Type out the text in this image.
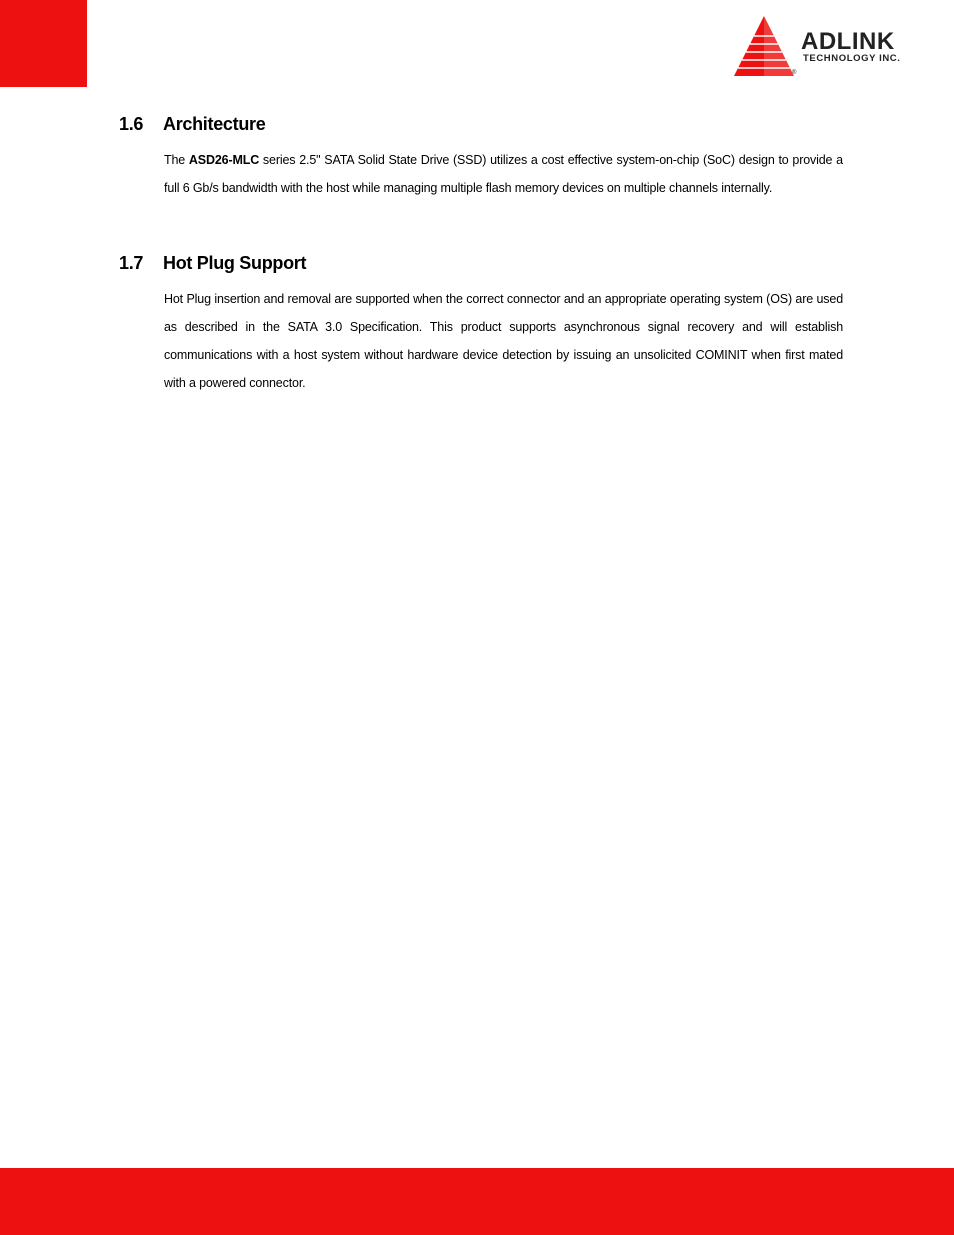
ADLINK
TECHNOLOGY INC.
®
1.6 Architecture

The ASD26-MLC series 2.5" SATA Solid State Drive (SSD) utilizes a cost effective system-on-chip (SoC) design to provide a full 6 Gb/s bandwidth with the host while managing multiple flash memory devices on multiple channels internally.

1.7 Hot Plug Support

Hot Plug insertion and removal are supported when the correct connector and an appropriate operating system (OS) are used as described in the SATA 3.0 Specification. This product supports asynchronous signal recovery and will establish communications with a host system without hardware device detection by issuing an unsolicited COMINIT when first mated with a powered connector.
